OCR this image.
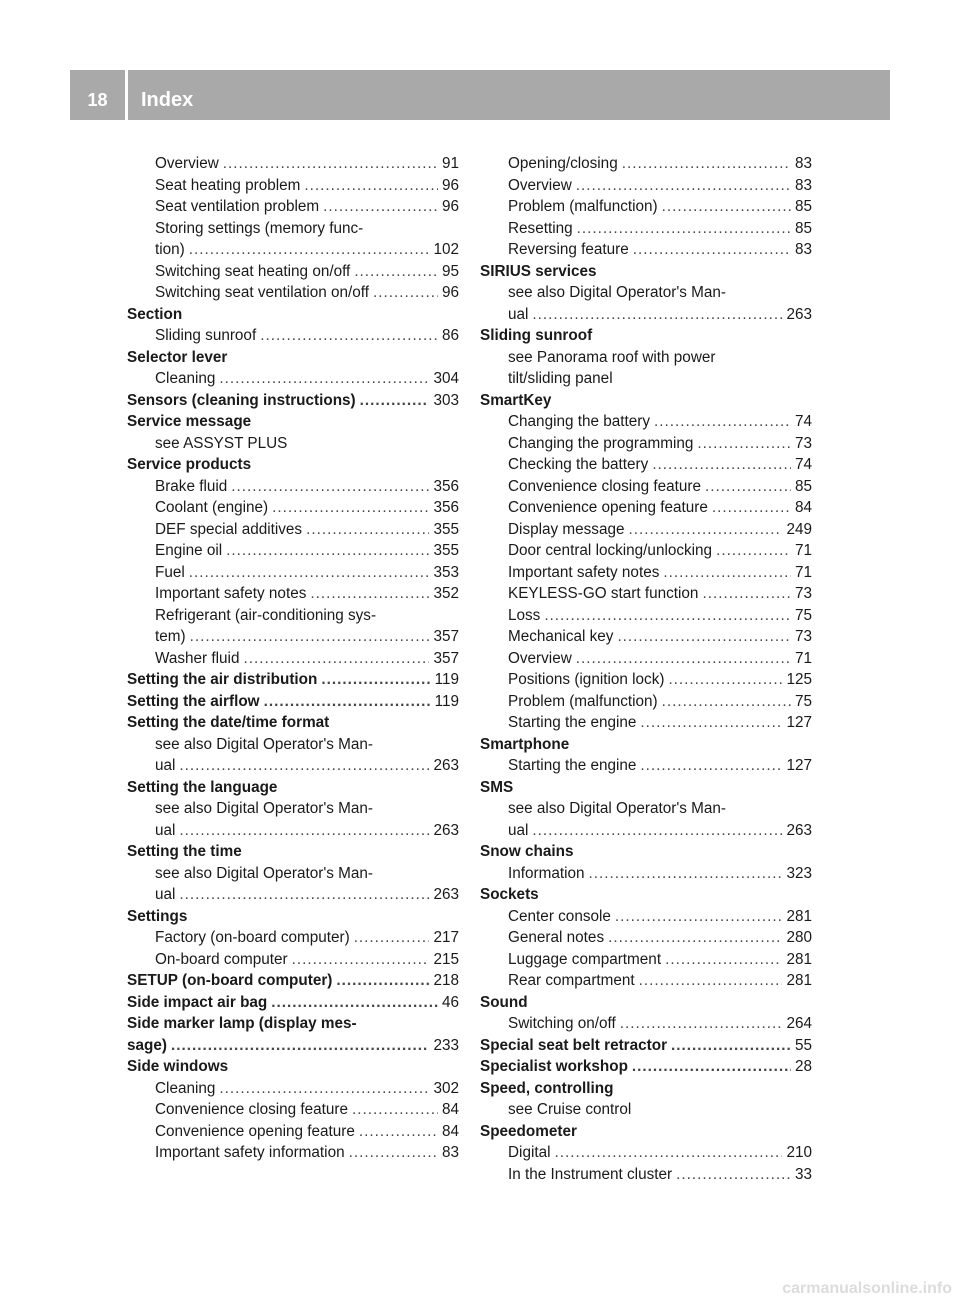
18	Index
Overview .....	91
Seat heating problem .....	96
Seat ventilation problem .....	96
Storing settings (memory func-
tion) .....	102
Switching seat heating on/off .....	95
Switching seat ventilation on/off .....	96
Section
Sliding sunroof .....	86
Selector lever
Cleaning .....	304
Sensors (cleaning instructions) .....	303
Service message
see ASSYST PLUS
Service products
Brake fluid .....	356
Coolant (engine) .....	356
DEF special additives .....	355
Engine oil .....	355
Fuel .....	353
Important safety notes .....	352
Refrigerant (air-conditioning sys-
tem) .....	357
Washer fluid .....	357
Setting the air distribution .....	119
Setting the airflow .....	119
Setting the date/time format
see also Digital Operator's Man-
ual .....	263
Setting the language
see also Digital Operator's Man-
ual .....	263
Setting the time
see also Digital Operator's Man-
ual .....	263
Settings
Factory (on-board computer) .....	217
On-board computer .....	215
SETUP (on-board computer) .....	218
Side impact air bag .....	46
Side marker lamp (display mes-
sage) .....	233
Side windows
Cleaning .....	302
Convenience closing feature .....	84
Convenience opening feature .....	84
Important safety information .....	83
Opening/closing .....	83
Overview .....	83
Problem (malfunction) .....	85
Resetting .....	85
Reversing feature .....	83
SIRIUS services
see also Digital Operator's Man-
ual .....	263
Sliding sunroof
see Panorama roof with power
tilt/sliding panel
SmartKey
Changing the battery .....	74
Changing the programming .....	73
Checking the battery .....	74
Convenience closing feature .....	85
Convenience opening feature .....	84
Display message .....	249
Door central locking/unlocking .....	71
Important safety notes .....	71
KEYLESS-GO start function .....	73
Loss .....	75
Mechanical key .....	73
Overview .....	71
Positions (ignition lock) .....	125
Problem (malfunction) .....	75
Starting the engine .....	127
Smartphone
Starting the engine .....	127
SMS
see also Digital Operator's Man-
ual .....	263
Snow chains
Information .....	323
Sockets
Center console .....	281
General notes .....	280
Luggage compartment .....	281
Rear compartment .....	281
Sound
Switching on/off .....	264
Special seat belt retractor .....	55
Specialist workshop .....	28
Speed, controlling
see Cruise control
Speedometer
Digital .....	210
In the Instrument cluster .....	33
carmanualsonline.info
